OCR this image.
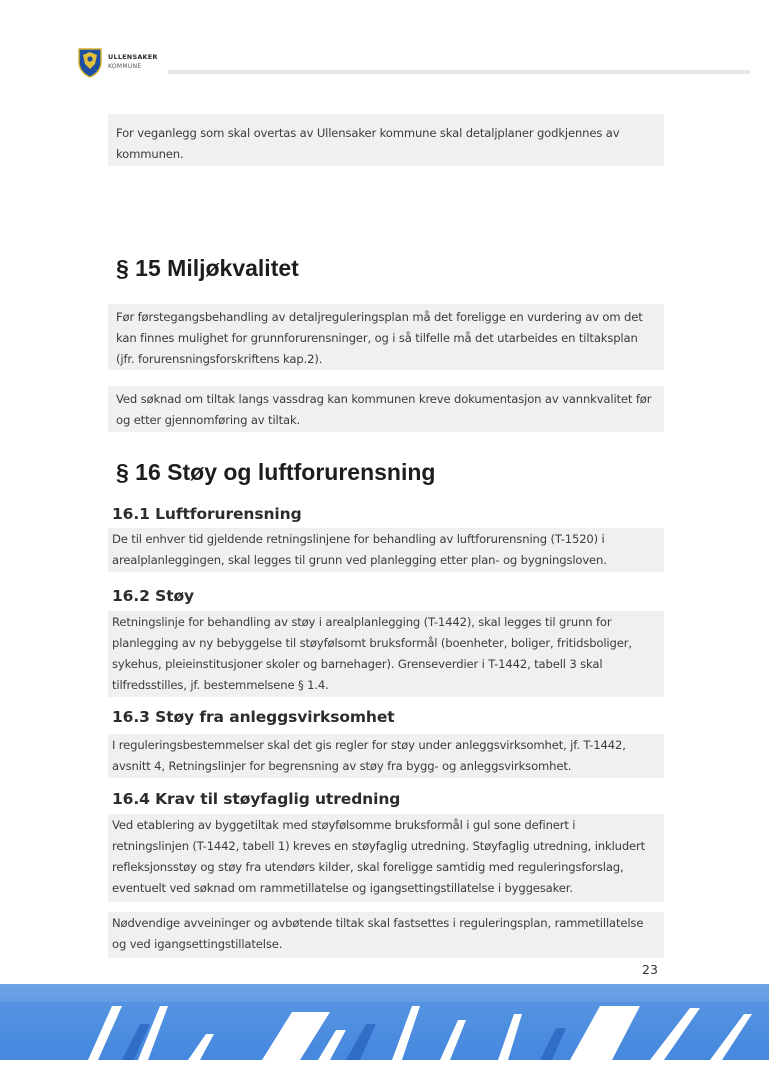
ULLENSAKER
KOMMUNE

For veganlegg som skal overtas av Ullensaker kommune skal detaljplaner godkjennes av kommunen.

§ 15 Miljøkvalitet

Før førstegangsbehandling av detaljreguleringsplan må det foreligge en vurdering av om det kan finnes mulighet for grunnforurensninger, og i så tilfelle må det utarbeides en tiltaksplan (jfr. forurensningsforskriftens kap.2).

Ved søknad om tiltak langs vassdrag kan kommunen kreve dokumentasjon av vannkvalitet før og etter gjennomføring av tiltak.

§ 16 Støy og luftforurensning
16.1 Luftforurensning

De til enhver tid gjeldende retningslinjene for behandling av luftforurensning (T-1520) i arealplanleggingen, skal legges til grunn ved planlegging etter plan- og bygningsloven.

16.2 Støy

Retningslinje for behandling av støy i arealplanlegging (T-1442), skal legges til grunn for planlegging av ny bebyggelse til støyfølsomt bruksformål (boenheter, boliger, fritidsboliger, sykehus, pleieinstitusjoner skoler og barnehager). Grenseverdier i T-1442, tabell 3 skal tilfredsstilles, jf. bestemmelsene § 1.4.

16.3 Støy fra anleggsvirksomhet

I reguleringsbestemmelser skal det gis regler for støy under anleggsvirksomhet, jf. T-1442, avsnitt 4, Retningslinjer for begrensning av støy fra bygg- og anleggsvirksomhet.

16.4 Krav til støyfaglig utredning

Ved etablering av byggetiltak med støyfølsomme bruksformål i gul sone definert i retningslinjen (T-1442, tabell 1) kreves en støyfaglig utredning. Støyfaglig utredning, inkludert refleksjonsstøy og støy fra utendørs kilder, skal foreligge samtidig med reguleringsforslag, eventuelt ved søknad om rammetillatelse og igangsettingstillatelse i byggesaker.

Nødvendige avveininger og avbøtende tiltak skal fastsettes i reguleringsplan, rammetillatelse og ved igangsettingstillatelse.

23
